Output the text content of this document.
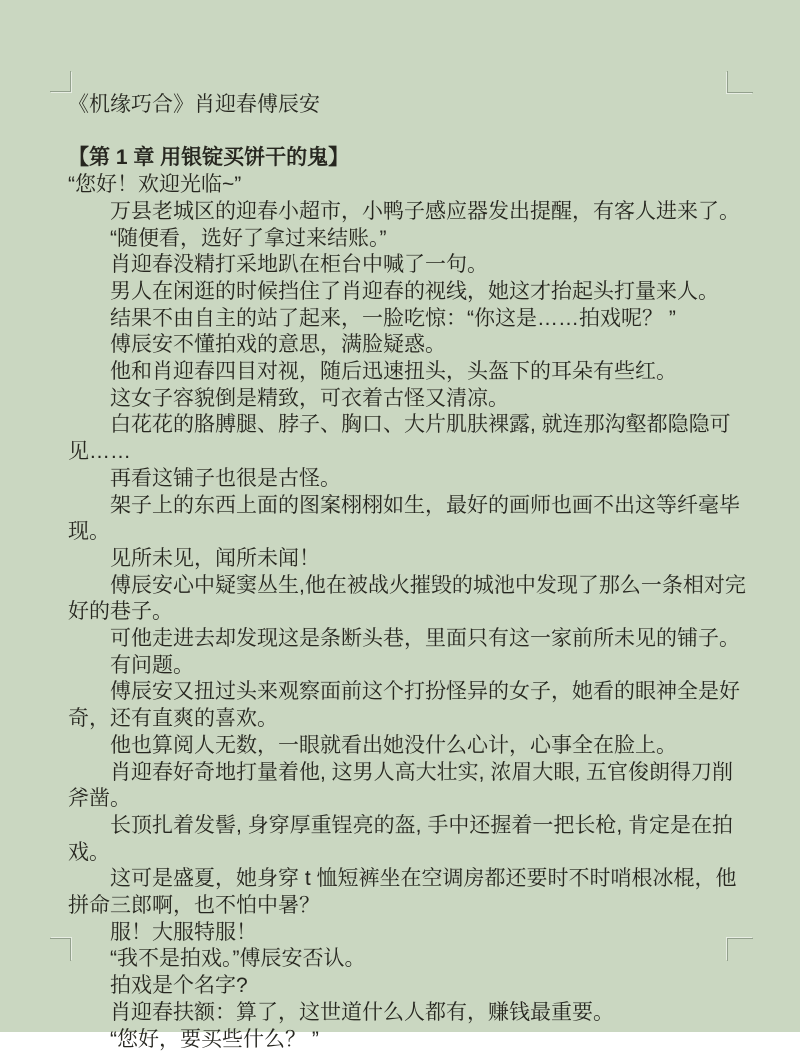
《机缘巧合》肖迎春傅辰安

【第 1 章 用银锭买饼干的鬼】

“您好！欢迎光临~”

万县老城区的迎春小超市，小鸭子感应器发出提醒，有客人进来了。

“随便看，选好了拿过来结账。”

肖迎春没精打采地趴在柜台中喊了一句。

男人在闲逛的时候挡住了肖迎春的视线，她这才抬起头打量来人。

结果不由自主的站了起来，一脸吃惊：“你这是……拍戏呢？ ”

傅辰安不懂拍戏的意思，满脸疑惑。

他和肖迎春四目对视，随后迅速扭头，头盔下的耳朵有些红。

这女子容貌倒是精致，可衣着古怪又清凉。

白花花的胳膊腿、脖子、胸口、大片肌肤裸露, 就连那沟壑都隐隐可见……

再看这铺子也很是古怪。

架子上的东西上面的图案栩栩如生，最好的画师也画不出这等纤毫毕现。

见所未见，闻所未闻！

傅辰安心中疑窦丛生,他在被战火摧毁的城池中发现了那么一条相对完好的巷子。

可他走进去却发现这是条断头巷，里面只有这一家前所未见的铺子。

有问题。

傅辰安又扭过头来观察面前这个打扮怪异的女子，她看的眼神全是好奇，还有直爽的喜欢。

他也算阅人无数，一眼就看出她没什么心计，心事全在脸上。

肖迎春好奇地打量着他, 这男人高大壮实, 浓眉大眼, 五官俊朗得刀削斧凿。

长顶扎着发髻, 身穿厚重锃亮的盔, 手中还握着一把长枪, 肯定是在拍戏。

这可是盛夏，她身穿 t 恤短裤坐在空调房都还要时不时哨根冰棍，他拼命三郎啊，也不怕中暑？

服！大服特服！

“我不是拍戏。”傅辰安否认。

拍戏是个名字?

肖迎春扶额：算了，这世道什么人都有，赚钱最重要。

“您好，要买些什么？ ”
